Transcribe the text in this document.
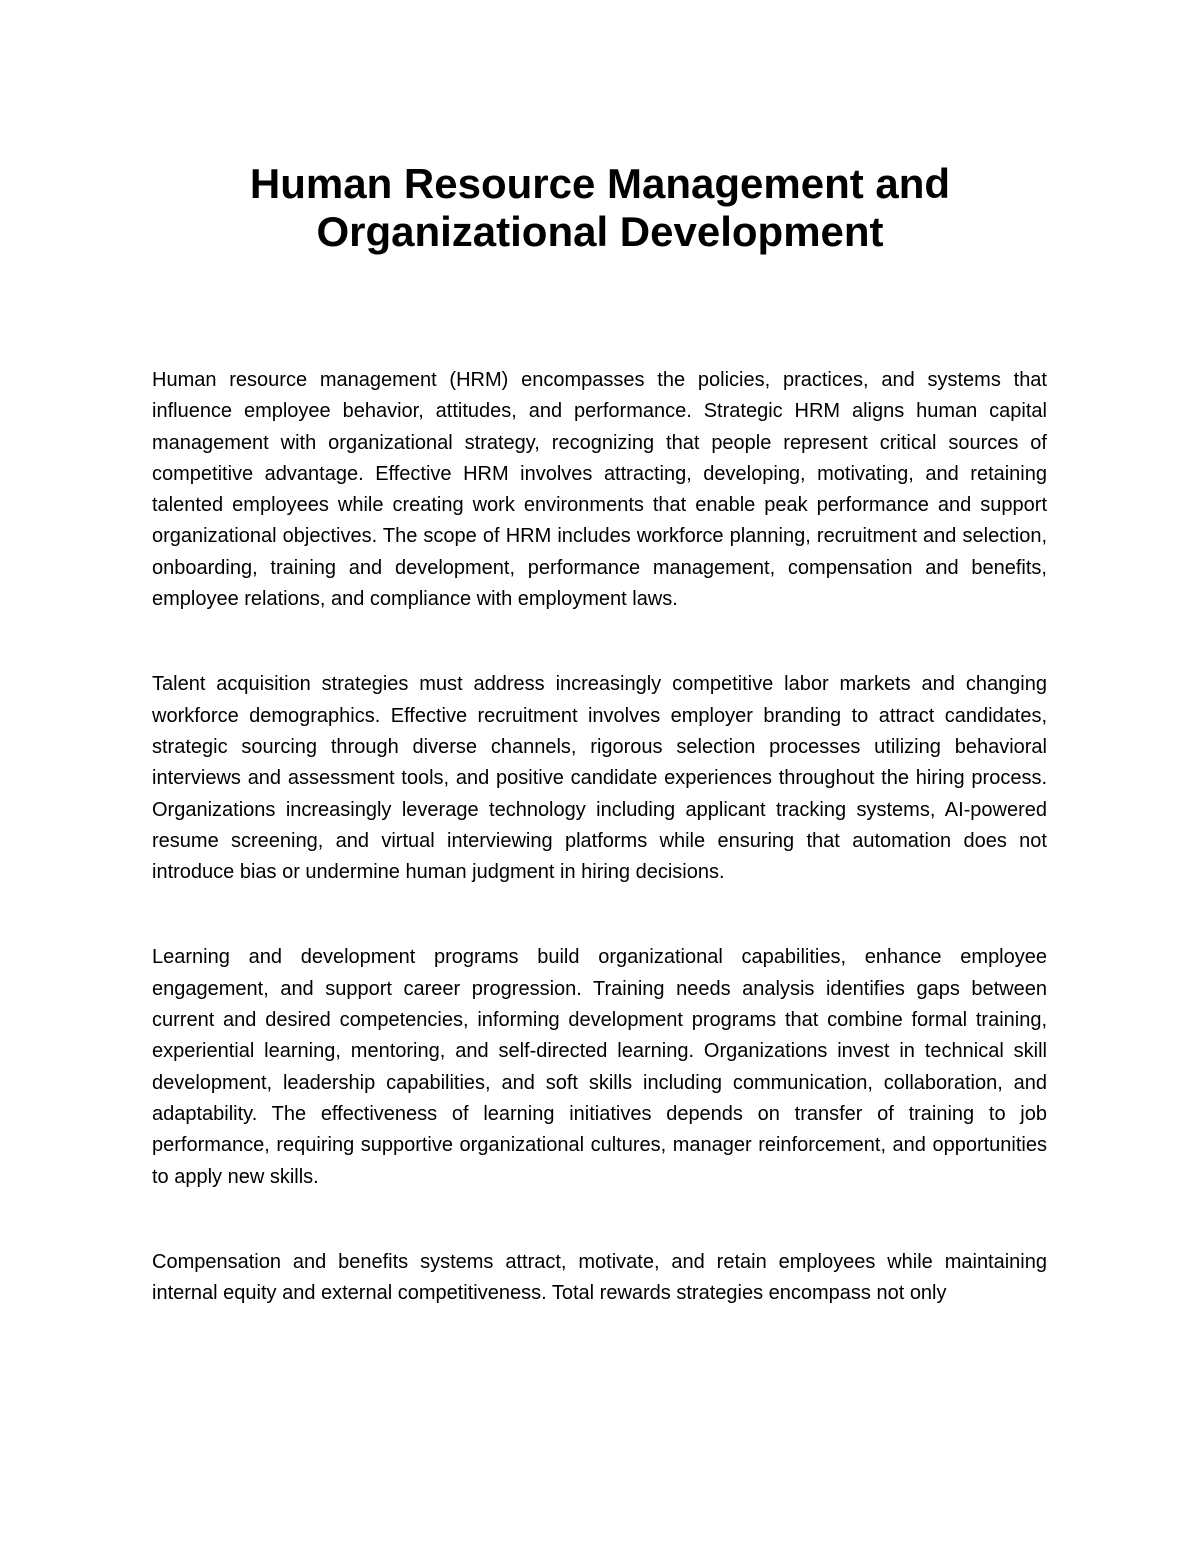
Human Resource Management and
Organizational Development

Human resource management (HRM) encompasses the policies, practices, and systems that influence employee behavior, attitudes, and performance. Strategic HRM aligns human capital management with organizational strategy, recognizing that people represent critical sources of competitive advantage. Effective HRM involves attracting, developing, motivating, and retaining talented employees while creating work environments that enable peak performance and support organizational objectives. The scope of HRM includes workforce planning, recruitment and selection, onboarding, training and development, performance management, compensation and benefits, employee relations, and compliance with employment laws.

Talent acquisition strategies must address increasingly competitive labor markets and changing workforce demographics. Effective recruitment involves employer branding to attract candidates, strategic sourcing through diverse channels, rigorous selection processes utilizing behavioral interviews and assessment tools, and positive candidate experiences throughout the hiring process. Organizations increasingly leverage technology including applicant tracking systems, AI-powered resume screening, and virtual interviewing platforms while ensuring that automation does not introduce bias or undermine human judgment in hiring decisions.

Learning and development programs build organizational capabilities, enhance employee engagement, and support career progression. Training needs analysis identifies gaps between current and desired competencies, informing development programs that combine formal training, experiential learning, mentoring, and self-directed learning. Organizations invest in technical skill development, leadership capabilities, and soft skills including communication, collaboration, and adaptability. The effectiveness of learning initiatives depends on transfer of training to job performance, requiring supportive organizational cultures, manager reinforcement, and opportunities to apply new skills.

Compensation and benefits systems attract, motivate, and retain employees while maintaining internal equity and external competitiveness. Total rewards strategies encompass not only
